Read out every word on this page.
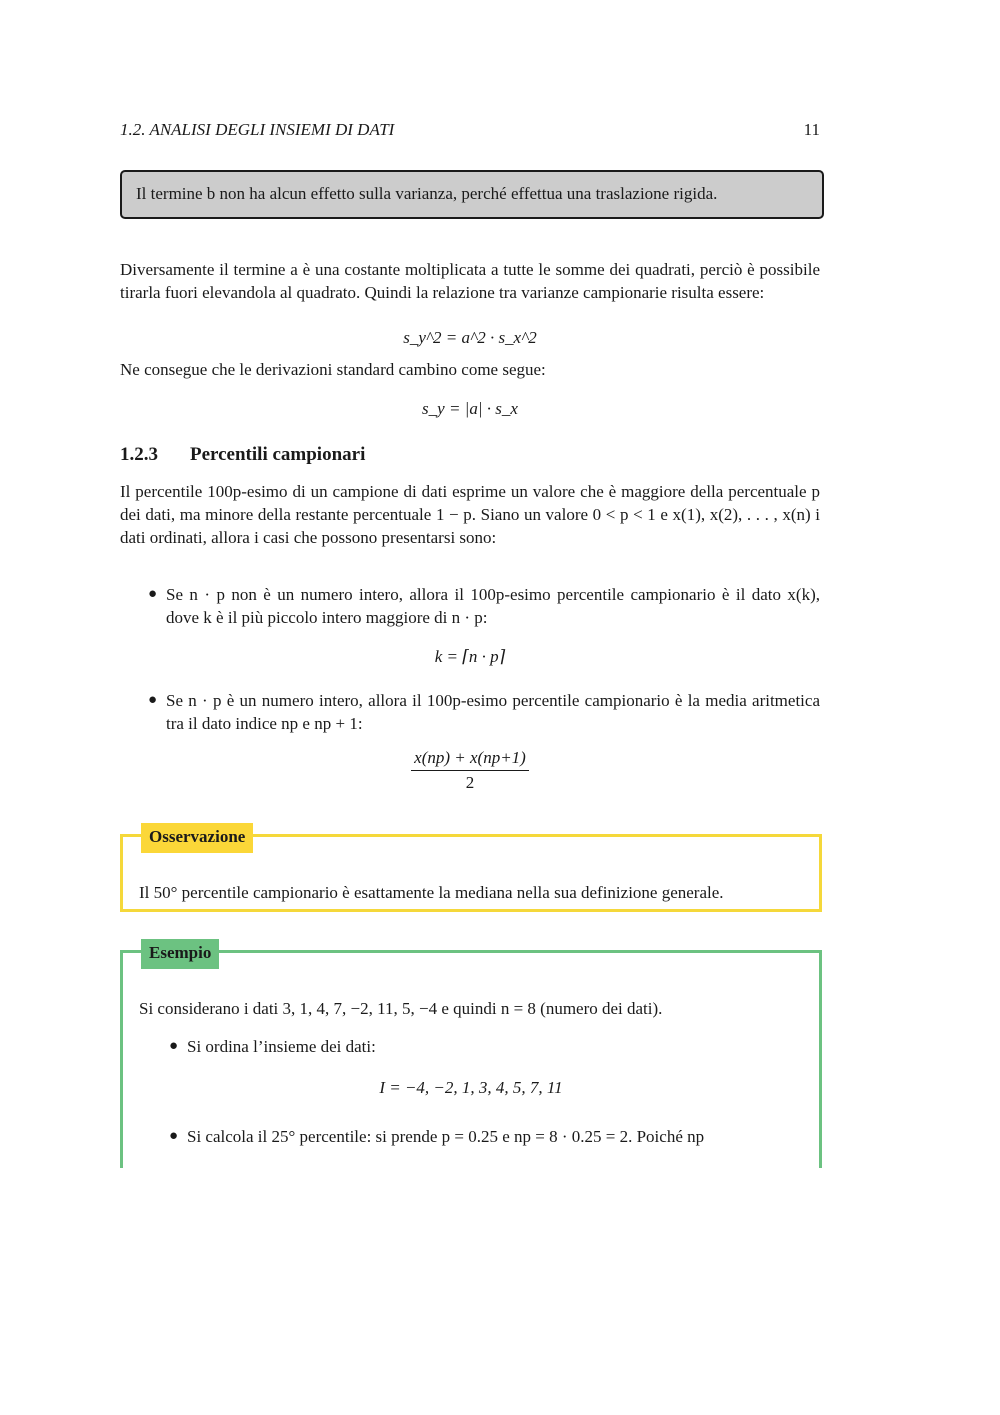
1.2. ANALISI DEGLI INSIEMI DI DATI	11
Il termine b non ha alcun effetto sulla varianza, perché effettua una traslazione rigida.
Diversamente il termine a è una costante moltiplicata a tutte le somme dei quadrati, perciò è possibile tirarla fuori elevandola al quadrato. Quindi la relazione tra varianze campionarie risulta essere:
s_y^2 = a^2 · s_x^2
Ne consegue che le derivazioni standard cambino come segue:
s_y = |a| · s_x
1.2.3 Percentili campionari
Il percentile 100p-esimo di un campione di dati esprime un valore che è maggiore della percentuale p dei dati, ma minore della restante percentuale 1 − p. Siano un valore 0 < p < 1 e x(1), x(2), . . . , x(n) i dati ordinati, allora i casi che possono presentarsi sono:
● Se n · p non è un numero intero, allora il 100p-esimo percentile campionario è il dato x(k), dove k è il più piccolo intero maggiore di n · p:
k = ⌈n · p⌉
● Se n · p è un numero intero, allora il 100p-esimo percentile campionario è la media aritmetica tra il dato indice np e np + 1:
$\frac{x(np) + x(np+1)}{2}$
Osservazione
Il 50° percentile campionario è esattamente la mediana nella sua definizione generale.
Esempio
Si considerano i dati 3, 1, 4, 7, −2, 11, 5, −4 e quindi n = 8 (numero dei dati).
● Si ordina l’insieme dei dati:
I = −4, −2, 1, 3, 4, 5, 7, 11
● Si calcola il 25° percentile: si prende p = 0.25 e np = 8 · 0.25 = 2. Poiché np
